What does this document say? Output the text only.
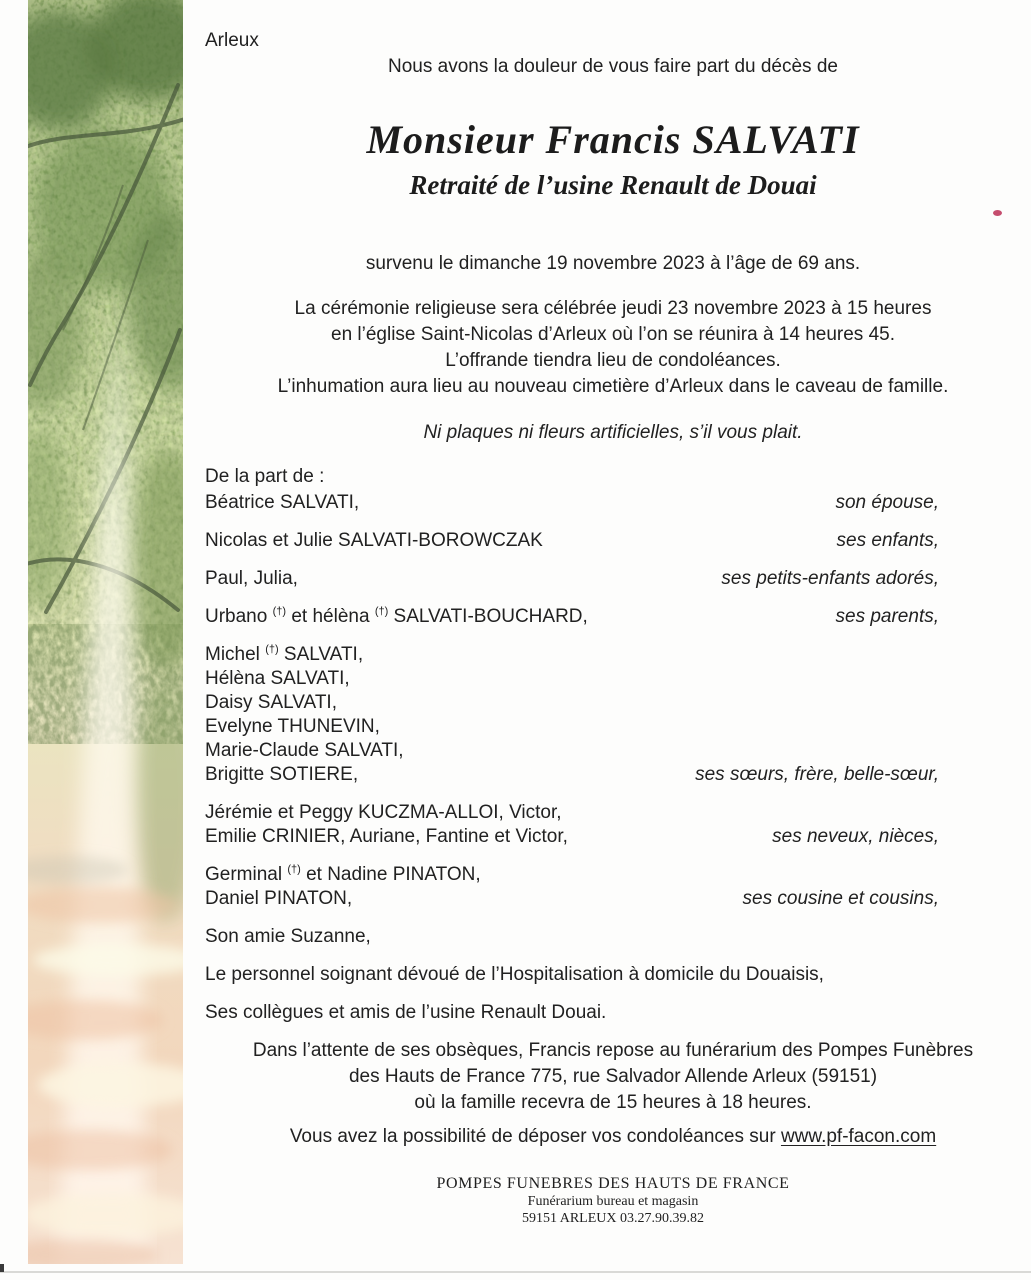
Arleux
Nous avons la douleur de vous faire part du décès de
Monsieur Francis SALVATI
Retraité de l’usine Renault de Douai
survenu le dimanche 19 novembre 2023 à l’âge de 69 ans.
La cérémonie religieuse sera célébrée jeudi 23 novembre 2023 à 15 heures
en l’église Saint-Nicolas d’Arleux où l’on se réunira à 14 heures 45.
L’offrande tiendra lieu de condoléances.
L’inhumation aura lieu au nouveau cimetière d’Arleux dans le caveau de famille.
Ni plaques ni fleurs artificielles, s’il vous plait.
De la part de :
Béatrice SALVATI,	son épouse,
Nicolas et Julie SALVATI-BOROWCZAK	ses enfants,
Paul, Julia,	ses petits-enfants adorés,
Urbano (†) et hélèna (†) SALVATI-BOUCHARD,	ses parents,
Michel (†) SALVATI,
Hélèna SALVATI,
Daisy SALVATI,
Evelyne THUNEVIN,
Marie-Claude SALVATI,
Brigitte SOTIERE,	ses sœurs, frère, belle-sœur,
Jérémie et Peggy KUCZMA-ALLOI, Victor,
Emilie CRINIER, Auriane, Fantine et Victor,	ses neveux, nièces,
Germinal (†) et Nadine PINATON,
Daniel PINATON,	ses cousine et cousins,
Son amie Suzanne,
Le personnel soignant dévoué de l’Hospitalisation à domicile du Douaisis,
Ses collègues et amis de l’usine Renault Douai.
Dans l’attente de ses obsèques, Francis repose au funérarium des Pompes Funèbres
des Hauts de France 775, rue Salvador Allende Arleux (59151)
où la famille recevra de 15 heures à 18 heures.
Vous avez la possibilité de déposer vos condoléances sur www.pf-facon.com
POMPES FUNEBRES DES HAUTS DE FRANCE
Funérarium bureau et magasin
59151 ARLEUX 03.27.90.39.82
